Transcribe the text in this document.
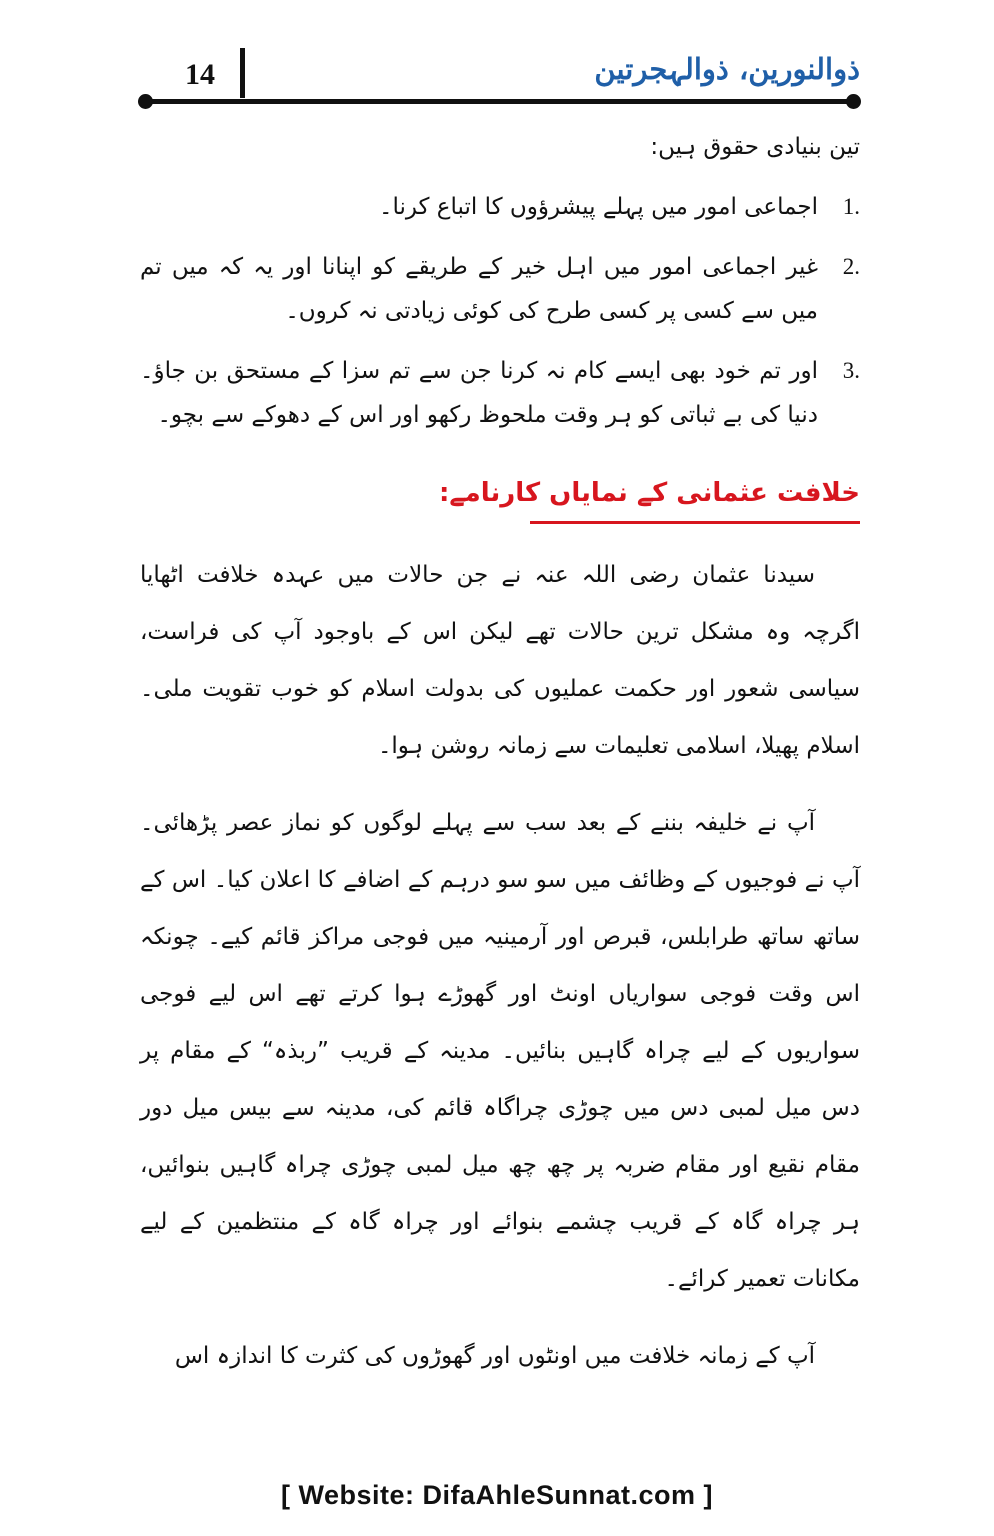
14	ذوالنورین، ذوالہجرتین

تین بنیادی حقوق ہیں:

1.
اجماعی امور میں پہلے پیشرؤوں کا اتباع کرنا۔
2.
غیر اجماعی امور میں اہل خیر کے طریقے کو اپنانا اور یہ کہ میں تم میں سے کسی پر کسی طرح کی کوئی زیادتی نہ کروں۔
3.
اور تم خود بھی ایسے کام نہ کرنا جن سے تم سزا کے مستحق بن جاؤ۔ دنیا کی بے ثباتی کو ہر وقت ملحوظ رکھو اور اس کے دھوکے سے بچو۔
خلافت عثمانی کے نمایاں کارنامے:

سیدنا عثمان رضی اللہ عنہ نے جن حالات میں عہدہ خلافت اٹھایا اگرچہ وہ مشکل ترین حالات تھے لیکن اس کے باوجود آپ کی فراست، سیاسی شعور اور حکمت عملیوں کی بدولت اسلام کو خوب تقویت ملی۔ اسلام پھیلا، اسلامی تعلیمات سے زمانہ روشن ہوا۔

آپ نے خلیفہ بننے کے بعد سب سے پہلے لوگوں کو نماز عصر پڑھائی۔ آپ نے فوجیوں کے وظائف میں سو سو درہم کے اضافے کا اعلان کیا۔ اس کے ساتھ ساتھ طرابلس، قبرص اور آرمینیہ میں فوجی مراکز قائم کیے۔ چونکہ اس وقت فوجی سواریاں اونٹ اور گھوڑے ہوا کرتے تھے اس لیے فوجی سواریوں کے لیے چراہ گاہیں بنائیں۔ مدینہ کے قریب ”ربذہ“ کے مقام پر دس میل لمبی دس میں چوڑی چراگاہ قائم کی، مدینہ سے بیس میل دور مقام نقیع اور مقام ضربہ پر چھ چھ میل لمبی چوڑی چراہ گاہیں بنوائیں، ہر چراہ گاہ کے قریب چشمے بنوائے اور چراہ گاہ کے منتظمین کے لیے مکانات تعمیر کرائے۔

آپ کے زمانہ خلافت میں اونٹوں اور گھوڑوں کی کثرت کا اندازہ اس

[ Website: DifaAhleSunnat.com ]
